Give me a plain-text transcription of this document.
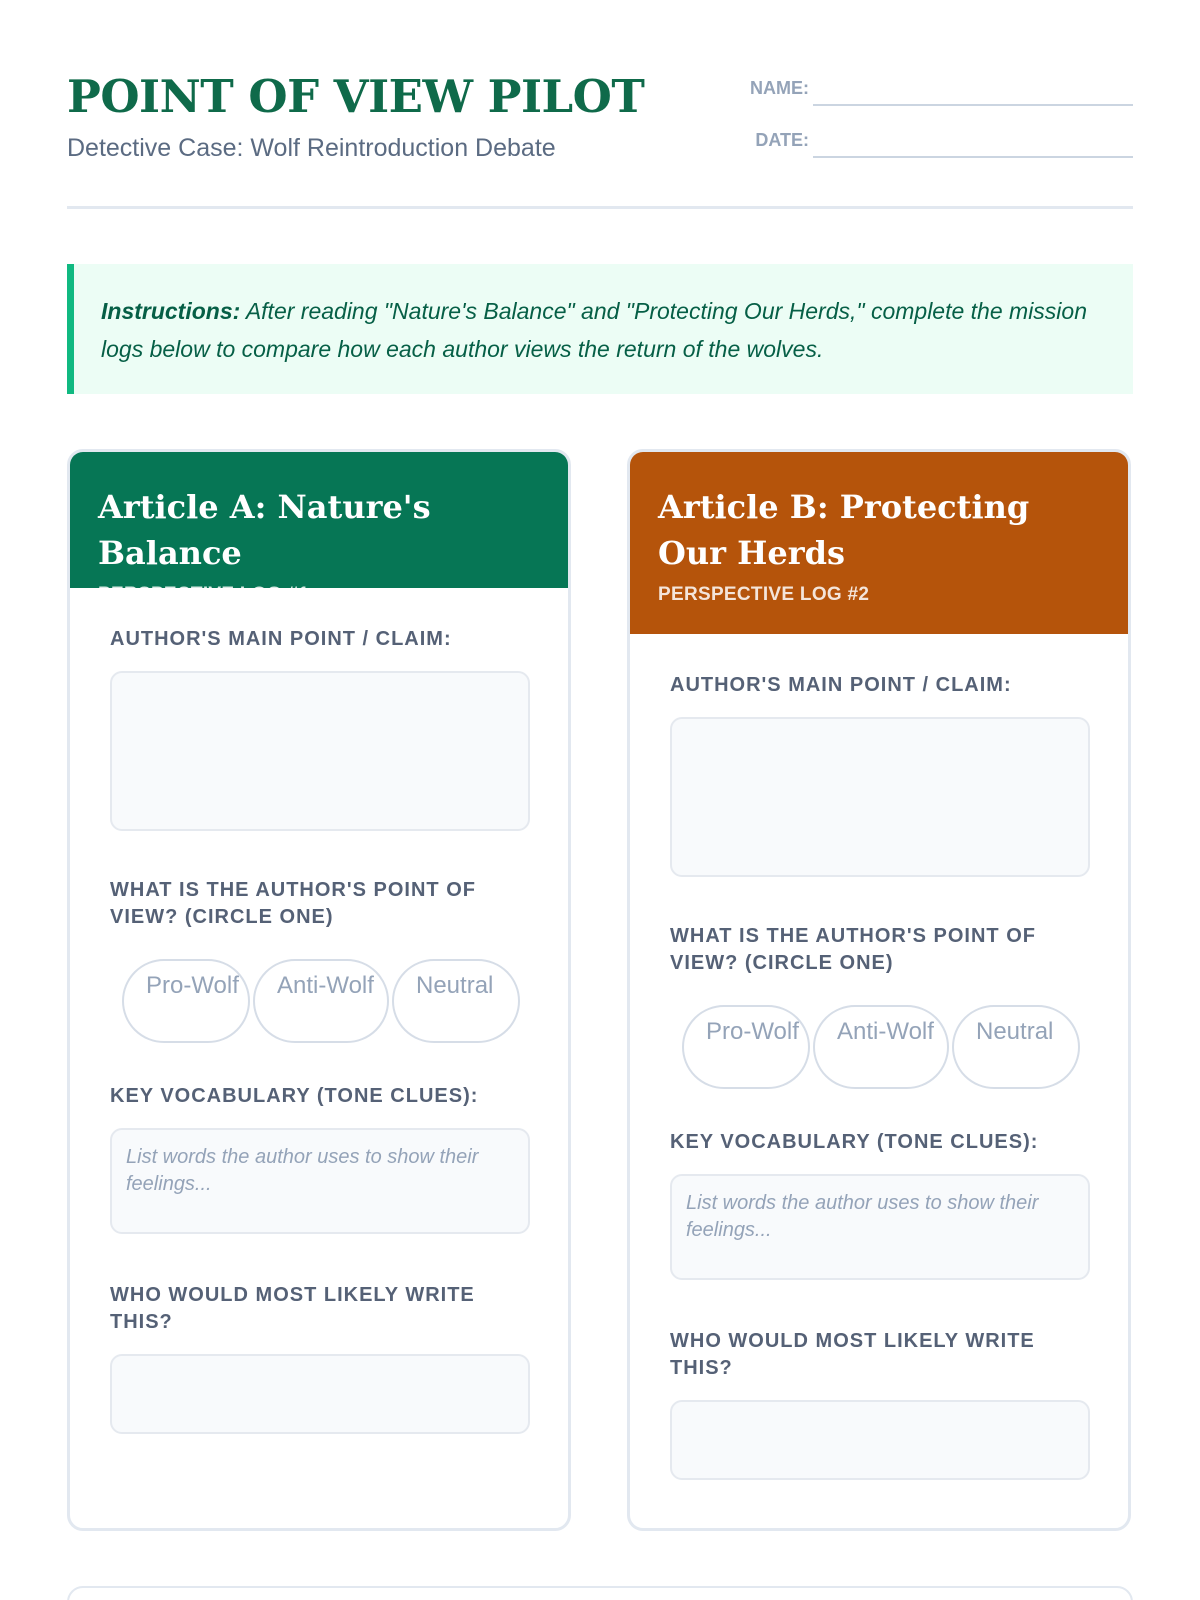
POINT OF VIEW PILOT
Detective Case: Wolf Reintroduction Debate
NAME:
DATE:
Instructions: After reading "Nature's Balance" and "Protecting Our Herds," complete the mission logs below to compare how each author views the return of the wolves.
Article A: Nature's Balance
PERSPECTIVE LOG #1
AUTHOR'S MAIN POINT / CLAIM:
WHAT IS THE AUTHOR'S POINT OF VIEW? (CIRCLE ONE)
Pro-Wolf	Anti-Wolf	Neutral
KEY VOCABULARY (TONE CLUES):
List words the author uses to show their feelings...
WHO WOULD MOST LIKELY WRITE THIS?
Article B: Protecting Our Herds
PERSPECTIVE LOG #2
AUTHOR'S MAIN POINT / CLAIM:
WHAT IS THE AUTHOR'S POINT OF VIEW? (CIRCLE ONE)
Pro-Wolf	Anti-Wolf	Neutral
KEY VOCABULARY (TONE CLUES):
List words the author uses to show their feelings...
WHO WOULD MOST LIKELY WRITE THIS?
